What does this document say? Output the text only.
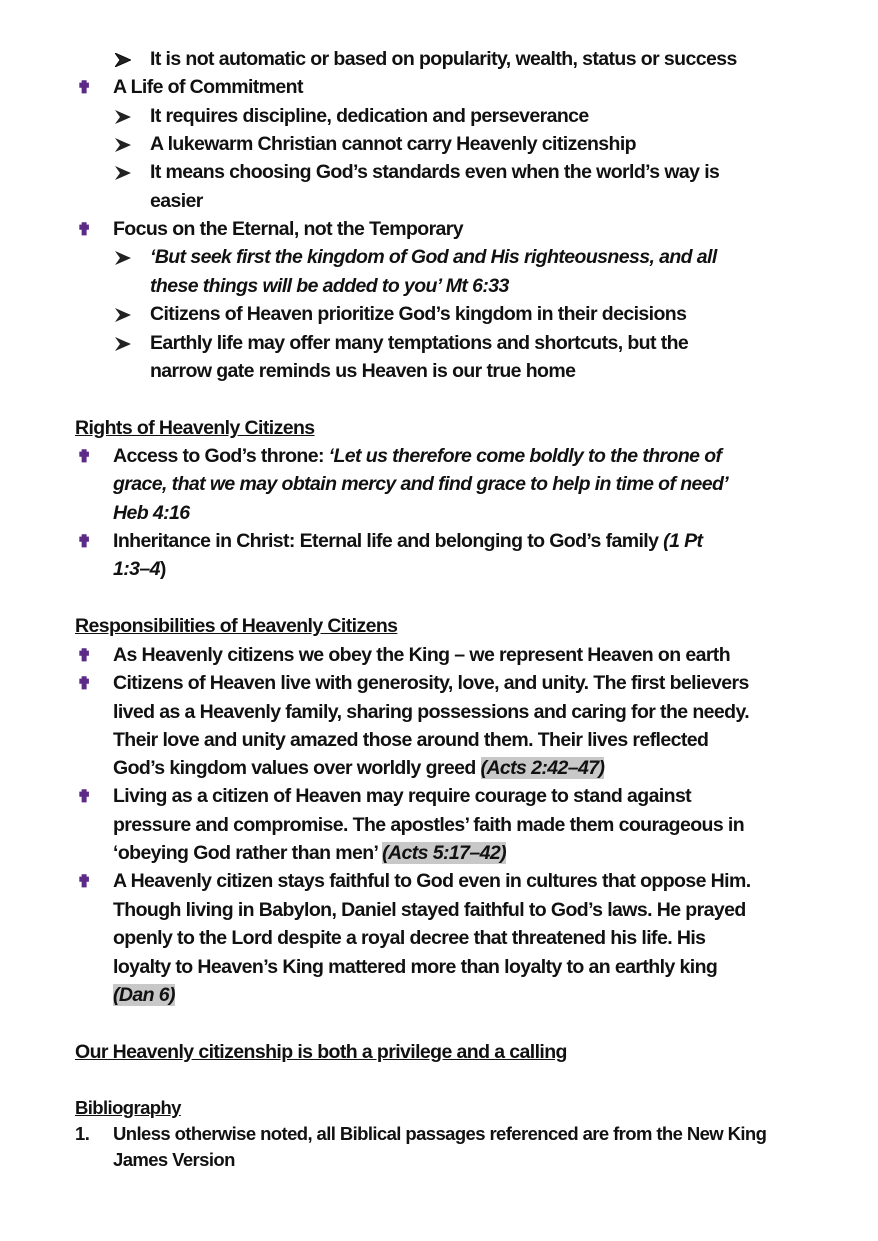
It is not automatic or based on popularity, wealth, status or success
✟ A Life of Commitment
It requires discipline, dedication and perseverance
A lukewarm Christian cannot carry Heavenly citizenship
It means choosing God’s standards even when the world’s way is
easier
✟ Focus on the Eternal, not the Temporary
‘But seek first the kingdom of God and His righteousness, and all
these things will be added to you’ Mt 6:33
Citizens of Heaven prioritize God’s kingdom in their decisions
Earthly life may offer many temptations and shortcuts, but the
narrow gate reminds us Heaven is our true home
Rights of Heavenly Citizens
✟ Access to God’s throne: ‘Let us therefore come boldly to the throne of
grace, that we may obtain mercy and find grace to help in time of need’
Heb 4:16
✟ Inheritance in Christ: Eternal life and belonging to God’s family (1 Pt
1:3–4)
Responsibilities of Heavenly Citizens
✟ As Heavenly citizens we obey the King – we represent Heaven on earth
✟ Citizens of Heaven live with generosity, love, and unity. The first believers
lived as a Heavenly family, sharing possessions and caring for the needy.
Their love and unity amazed those around them. Their lives reflected
God’s kingdom values over worldly greed (Acts 2:42–47)
✟ Living as a citizen of Heaven may require courage to stand against
pressure and compromise. The apostles’ faith made them courageous in
‘obeying God rather than men’ (Acts 5:17–42)
✟ A Heavenly citizen stays faithful to God even in cultures that oppose Him.
Though living in Babylon, Daniel stayed faithful to God’s laws. He prayed
openly to the Lord despite a royal decree that threatened his life. His
loyalty to Heaven’s King mattered more than loyalty to an earthly king
(Dan 6)
Our Heavenly citizenship is both a privilege and a calling
Bibliography
1. Unless otherwise noted, all Biblical passages referenced are from the New King
James Version
